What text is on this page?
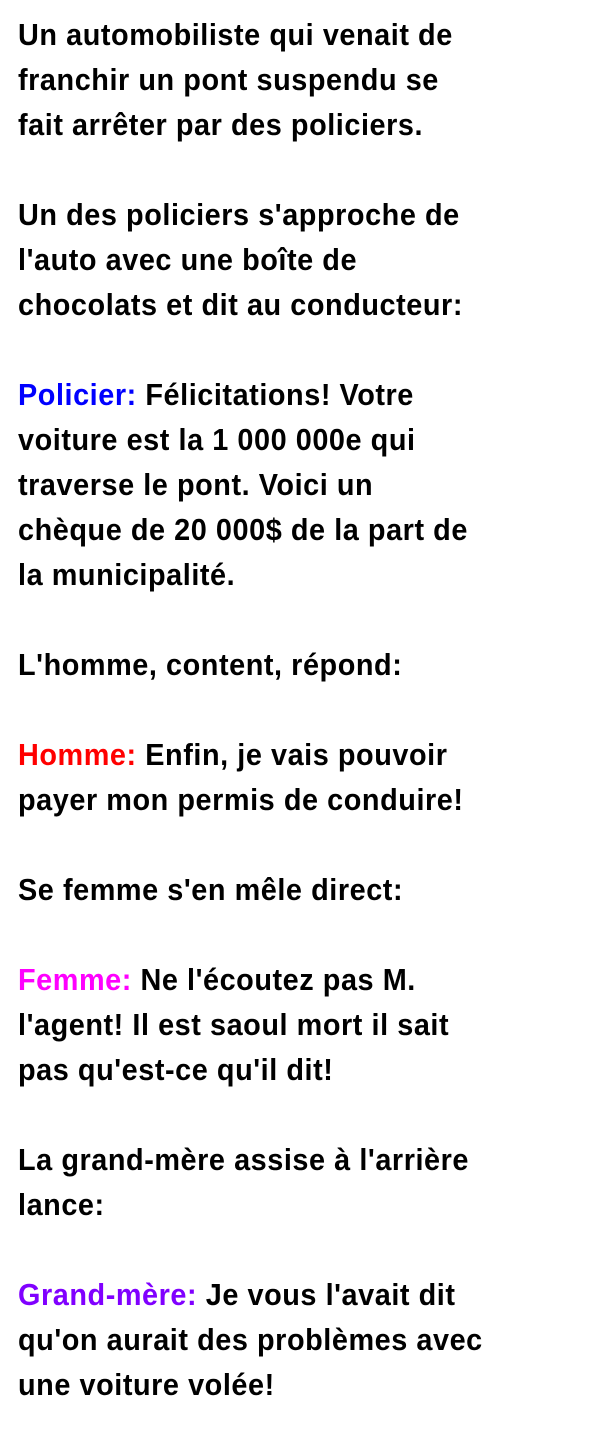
Un automobiliste qui venait de
franchir un pont suspendu se
fait arrêter par des policiers.
Un des policiers s'approche de
l'auto avec une boîte de
chocolats et dit au conducteur:
Policier: Félicitations! Votre
voiture est la 1 000 000e qui
traverse le pont. Voici un
chèque de 20 000$ de la part de
la municipalité.
L'homme, content, répond:
Homme: Enfin, je vais pouvoir
payer mon permis de conduire!
Se femme s'en mêle direct:
Femme: Ne l'écoutez pas M.
l'agent! Il est saoul mort il sait
pas qu'est-ce qu'il dit!
La grand-mère assise à l'arrière
lance:
Grand-mère: Je vous l'avait dit
qu'on aurait des problèmes avec
une voiture volée!
